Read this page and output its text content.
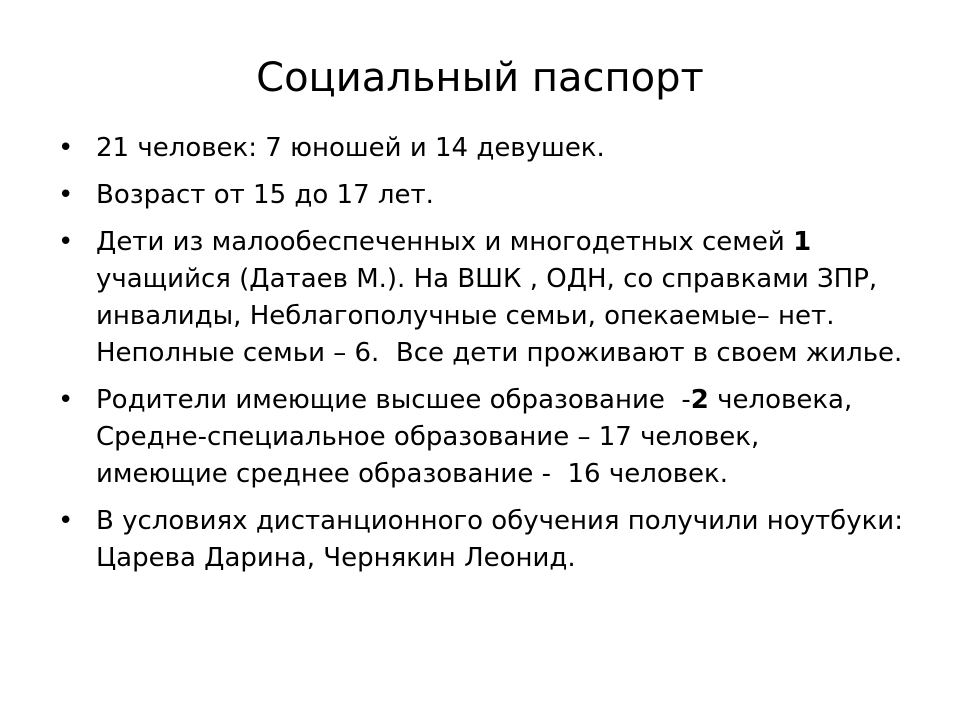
Социальный паспорт
•
21 человек: 7 юношей и 14 девушек.
•
Возраст от 15 до 17 лет.
•
Дети из малообеспеченных и многодетных семей 1 учащийся (Датаев М.). На ВШК , ОДН, со справками ЗПР, инвалиды, Неблагополучные семьи, опекаемые– нет. Неполные семьи – 6.  Все дети проживают в своем жилье.
•
Родители имеющие высшее образование  -2 человека, Средне-специальное образование – 17 человек,   имеющие среднее образование -  16 человек.
•
В условиях дистанционного обучения получили ноутбуки: Царева Дарина, Чернякин Леонид.
